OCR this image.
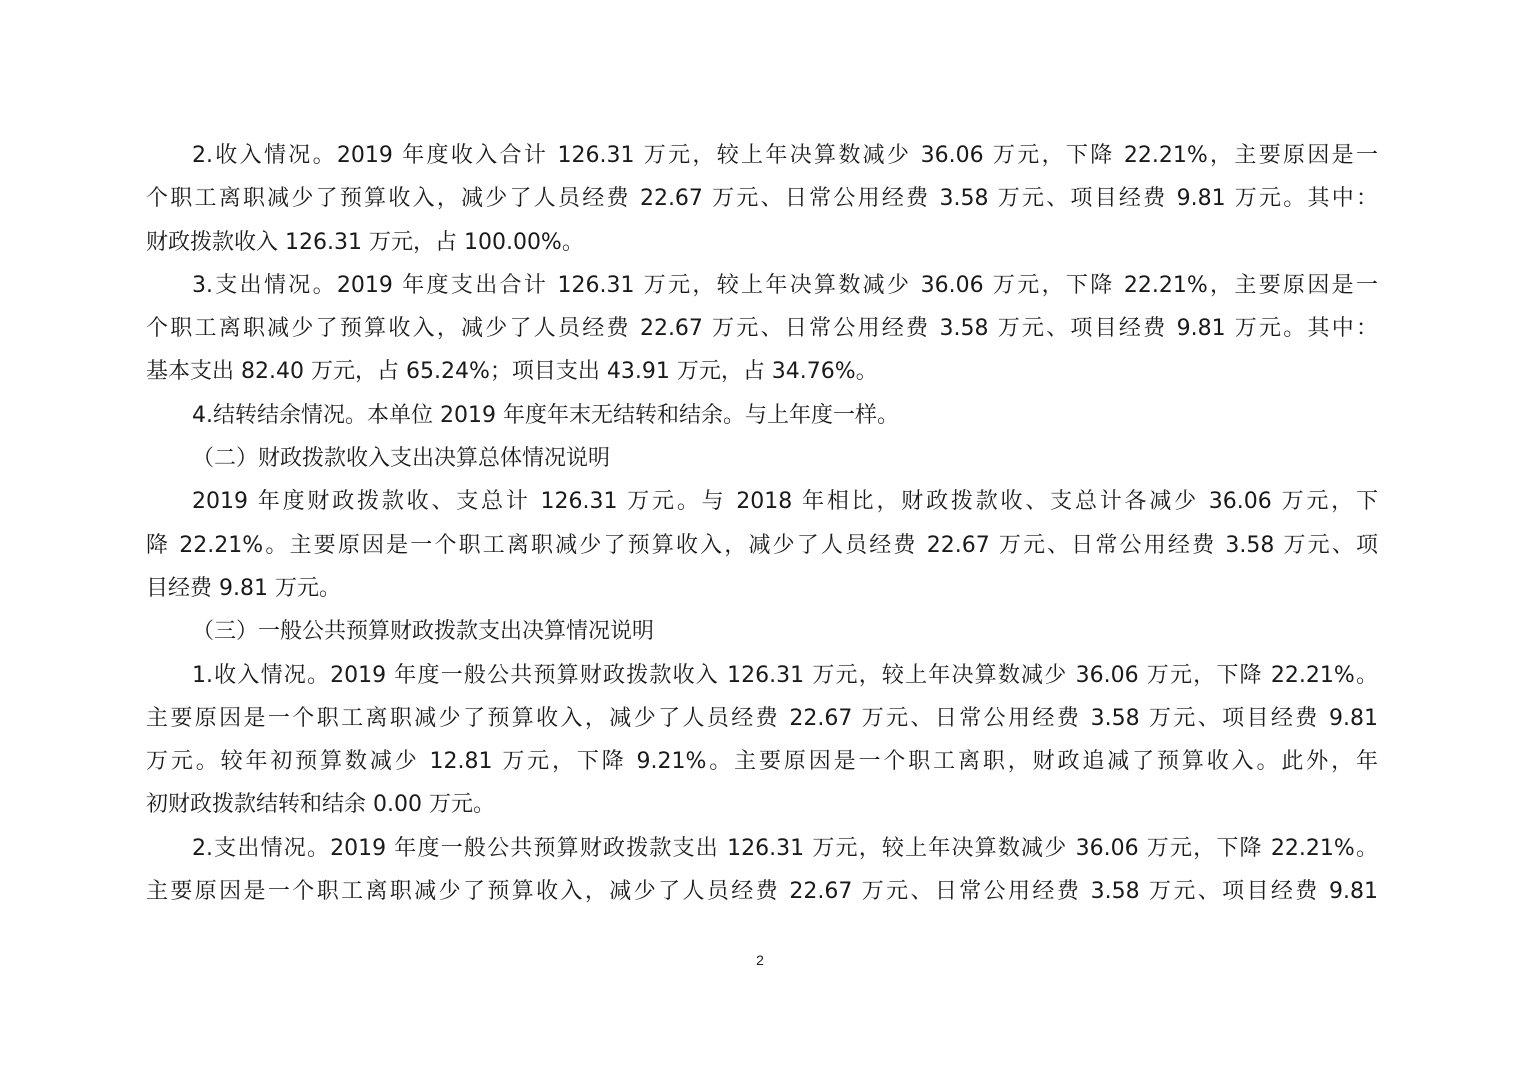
2.收入情况。2019 年度收入合计 126.31 万元，较上年决算数减少 36.06 万元，下降 22.21%，主要原因是一
个职工离职减少了预算收入，减少了人员经费 22.67 万元、日常公用经费 3.58 万元、项目经费 9.81 万元。其中：
财政拨款收入 126.31 万元，占 100.00%。
3.支出情况。2019 年度支出合计 126.31 万元，较上年决算数减少 36.06 万元，下降 22.21%，主要原因是一
个职工离职减少了预算收入，减少了人员经费 22.67 万元、日常公用经费 3.58 万元、项目经费 9.81 万元。其中：
基本支出 82.40 万元，占 65.24%；项目支出 43.91 万元，占 34.76%。
4.结转结余情况。本单位 2019 年度年末无结转和结余。与上年度一样。
（二）财政拨款收入支出决算总体情况说明
2019 年度财政拨款收、支总计 126.31 万元。与 2018 年相比，财政拨款收、支总计各减少 36.06 万元，下
降 22.21%。主要原因是一个职工离职减少了预算收入，减少了人员经费 22.67 万元、日常公用经费 3.58 万元、项
目经费 9.81 万元。
（三）一般公共预算财政拨款支出决算情况说明
1.收入情况。2019 年度一般公共预算财政拨款收入 126.31 万元，较上年决算数减少 36.06 万元，下降 22.21%。
主要原因是一个职工离职减少了预算收入，减少了人员经费 22.67 万元、日常公用经费 3.58 万元、项目经费 9.81
万元。较年初预算数减少 12.81 万元，下降 9.21%。主要原因是一个职工离职，财政追减了预算收入。此外，年
初财政拨款结转和结余 0.00 万元。
2.支出情况。2019 年度一般公共预算财政拨款支出 126.31 万元，较上年决算数减少 36.06 万元，下降 22.21%。
主要原因是一个职工离职减少了预算收入，减少了人员经费 22.67 万元、日常公用经费 3.58 万元、项目经费 9.81
2
